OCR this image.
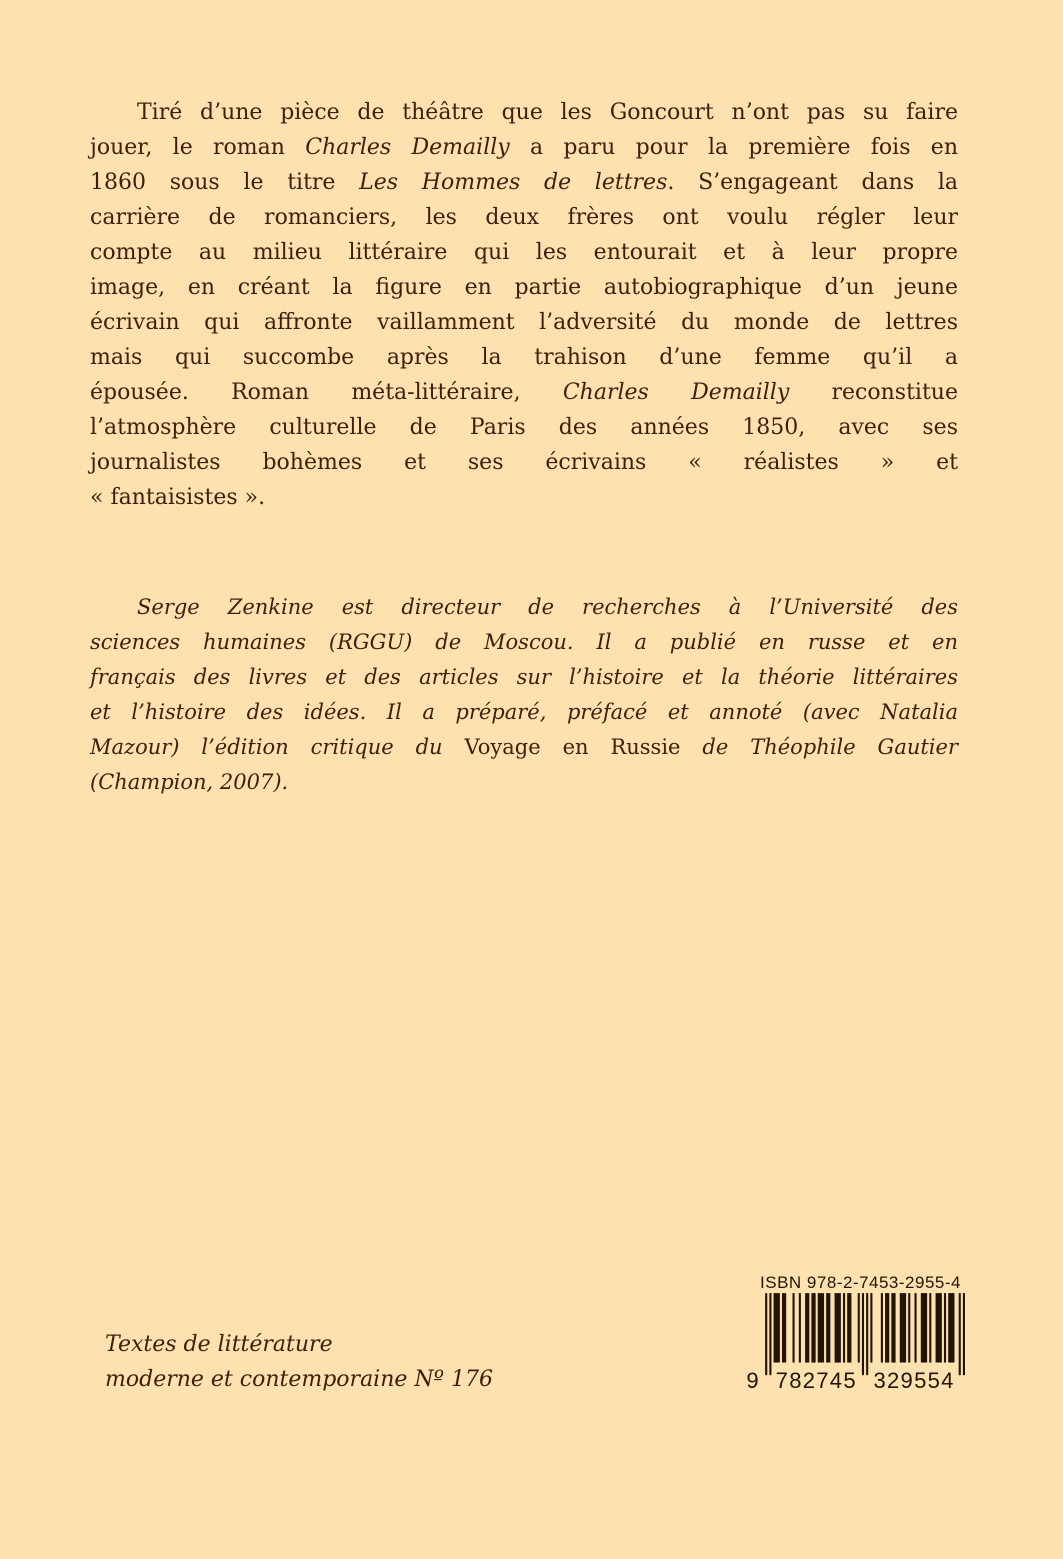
Tiré d’une pièce de théâtre que les Goncourt n’ont pas su faire
jouer, le roman Charles Demailly a paru pour la première fois en
1860 sous le titre Les Hommes de lettres. S’engageant dans la
carrière de romanciers, les deux frères ont voulu régler leur
compte au milieu littéraire qui les entourait et à leur propre
image, en créant la figure en partie autobiographique d’un jeune
écrivain qui affronte vaillamment l’adversité du monde de lettres
mais qui succombe après la trahison d’une femme qu’il a
épousée. Roman méta-littéraire, Charles Demailly reconstitue
l’atmosphère culturelle de Paris des années 1850, avec ses
journalistes bohèmes et ses écrivains « réalistes » et
« fantaisistes ».
Serge Zenkine est directeur de recherches à l’Université des
sciences humaines (RGGU) de Moscou. Il a publié en russe et en
français des livres et des articles sur l’histoire et la théorie littéraires
et l’histoire des idées. Il a préparé, préfacé et annoté (avec Natalia
Mazour) l’édition critique du Voyage en Russie de Théophile Gautier
(Champion, 2007).
Textes de littérature
moderne et contemporaine Nº 176
ISBN 978-2-7453-2955-4
9 782745 329554
